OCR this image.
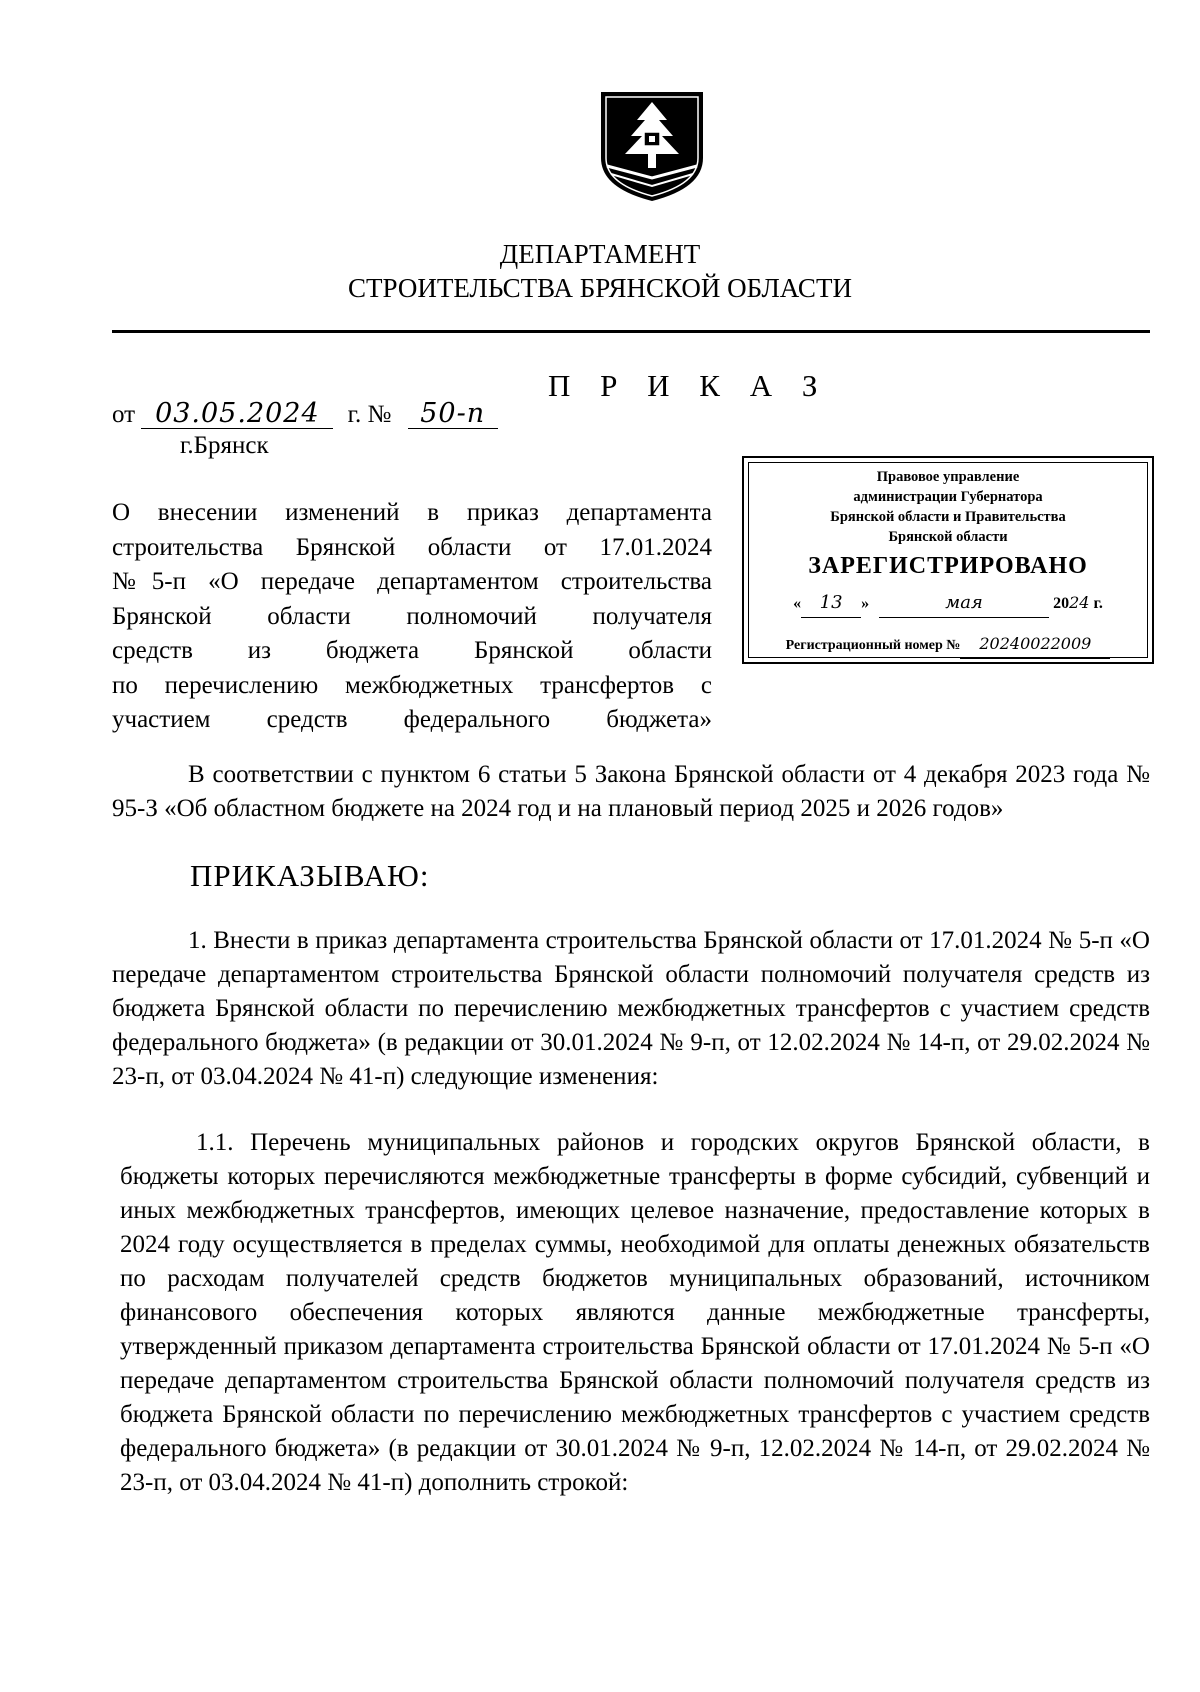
ДЕПАРТАМЕНТ
СТРОИТЕЛЬСТВА БРЯНСКОЙ ОБЛАСТИ
П Р И К А З
от 03.05.2024 г. № 50-п
г.Брянск
О внесении изменений в приказ департамента
строительства Брянской области от 17.01.2024
№5-п «О передаче департаментом строительства
Брянской области полномочий получателя
средств из бюджета Брянской области
по перечислению межбюджетных трансфертов с
участием средств федерального бюджета»
Правовое управление
администрации Губернатора
Брянской области и Правительства
Брянской области
ЗАРЕГИСТРИРОВАНО
« 13 »	мая	2024 г.
Регистрационный номер № 20240022009

В соответствии с пунктом 6 статьи 5 Закона Брянской области от 4 декабря 2023 года № 95-З «Об областном бюджете на 2024 год и на плановый период 2025 и 2026 годов»

ПРИКАЗЫВАЮ:

1. Внести в приказ департамента строительства Брянской области от 17.01.2024 № 5-п «О передаче департаментом строительства Брянской области полномочий получателя средств из бюджета Брянской области по перечислению межбюджетных трансфертов с участием средств федерального бюджета» (в редакции от 30.01.2024 № 9-п, от 12.02.2024 № 14-п, от 29.02.2024 № 23-п, от 03.04.2024 № 41-п) следующие изменения:

1.1. Перечень муниципальных районов и городских округов Брянской области, в бюджеты которых перечисляются межбюджетные трансферты в форме субсидий, субвенций и иных межбюджетных трансфертов, имеющих целевое назначение, предоставление которых в 2024 году осуществляется в пределах суммы, необходимой для оплаты денежных обязательств по расходам получателей средств бюджетов муниципальных образований, источником финансового обеспечения которых являются данные межбюджетные трансферты, утвержденный приказом департамента строительства Брянской области от 17.01.2024 № 5-п «О передаче департаментом строительства Брянской области полномочий получателя средств из бюджета Брянской области по перечислению межбюджетных трансфертов с участием средств федерального бюджета» (в редакции от 30.01.2024 № 9-п, 12.02.2024 № 14-п, от 29.02.2024 № 23-п, от 03.04.2024 № 41-п) дополнить строкой:
